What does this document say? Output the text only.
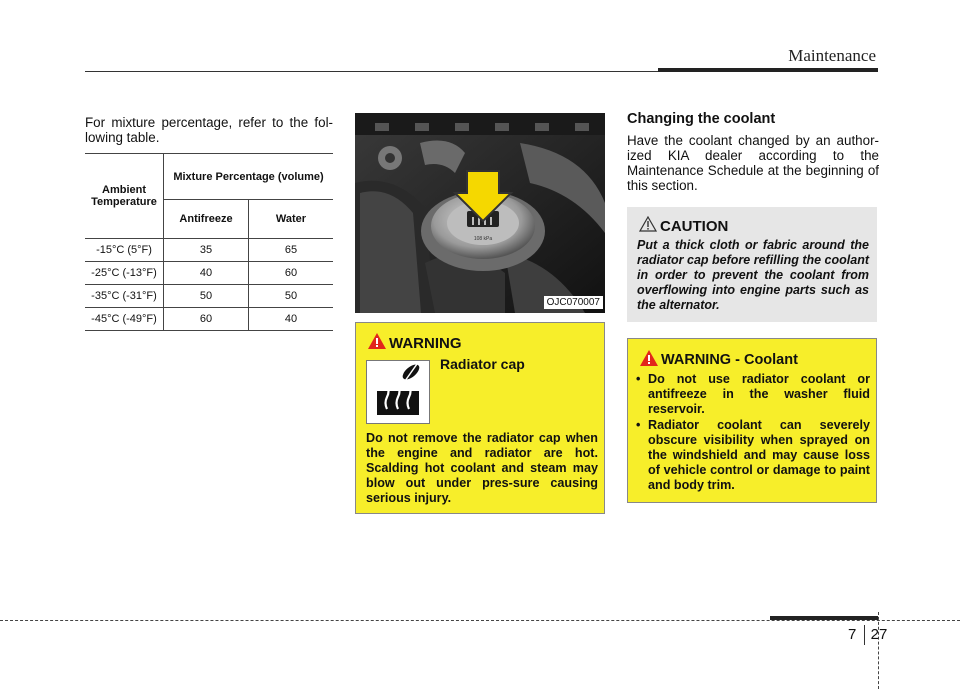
Maintenance
For mixture percentage, refer to the fol-lowing table.
Ambient Temperature	Mixture Percentage (volume)	
	Antifreeze	Water
-15°C (5°F)	35	65
-25°C (-13°F)	40	60
-35°C (-31°F)	50	50
-45°C (-49°F)	60	40
108 kPa
OJC070007
WARNING
Radiator cap
Do not remove the radiator cap when the engine and radiator are hot. Scalding hot coolant and steam may blow out under pres-sure causing serious injury.
Changing the coolant
Have the coolant changed by an author-ized KIA dealer according to the Maintenance Schedule at the beginning of this section.
CAUTION
Put a thick cloth or fabric around the radiator cap before refilling the coolant in order to prevent the coolant from overflowing into engine parts such as the alternator.
WARNING - Coolant
• Do not use radiator coolant or antifreeze in the washer fluid reservoir.
• Radiator coolant can severely obscure visibility when sprayed on the windshield and may cause loss of vehicle control or damage to paint and body trim.
7 27
